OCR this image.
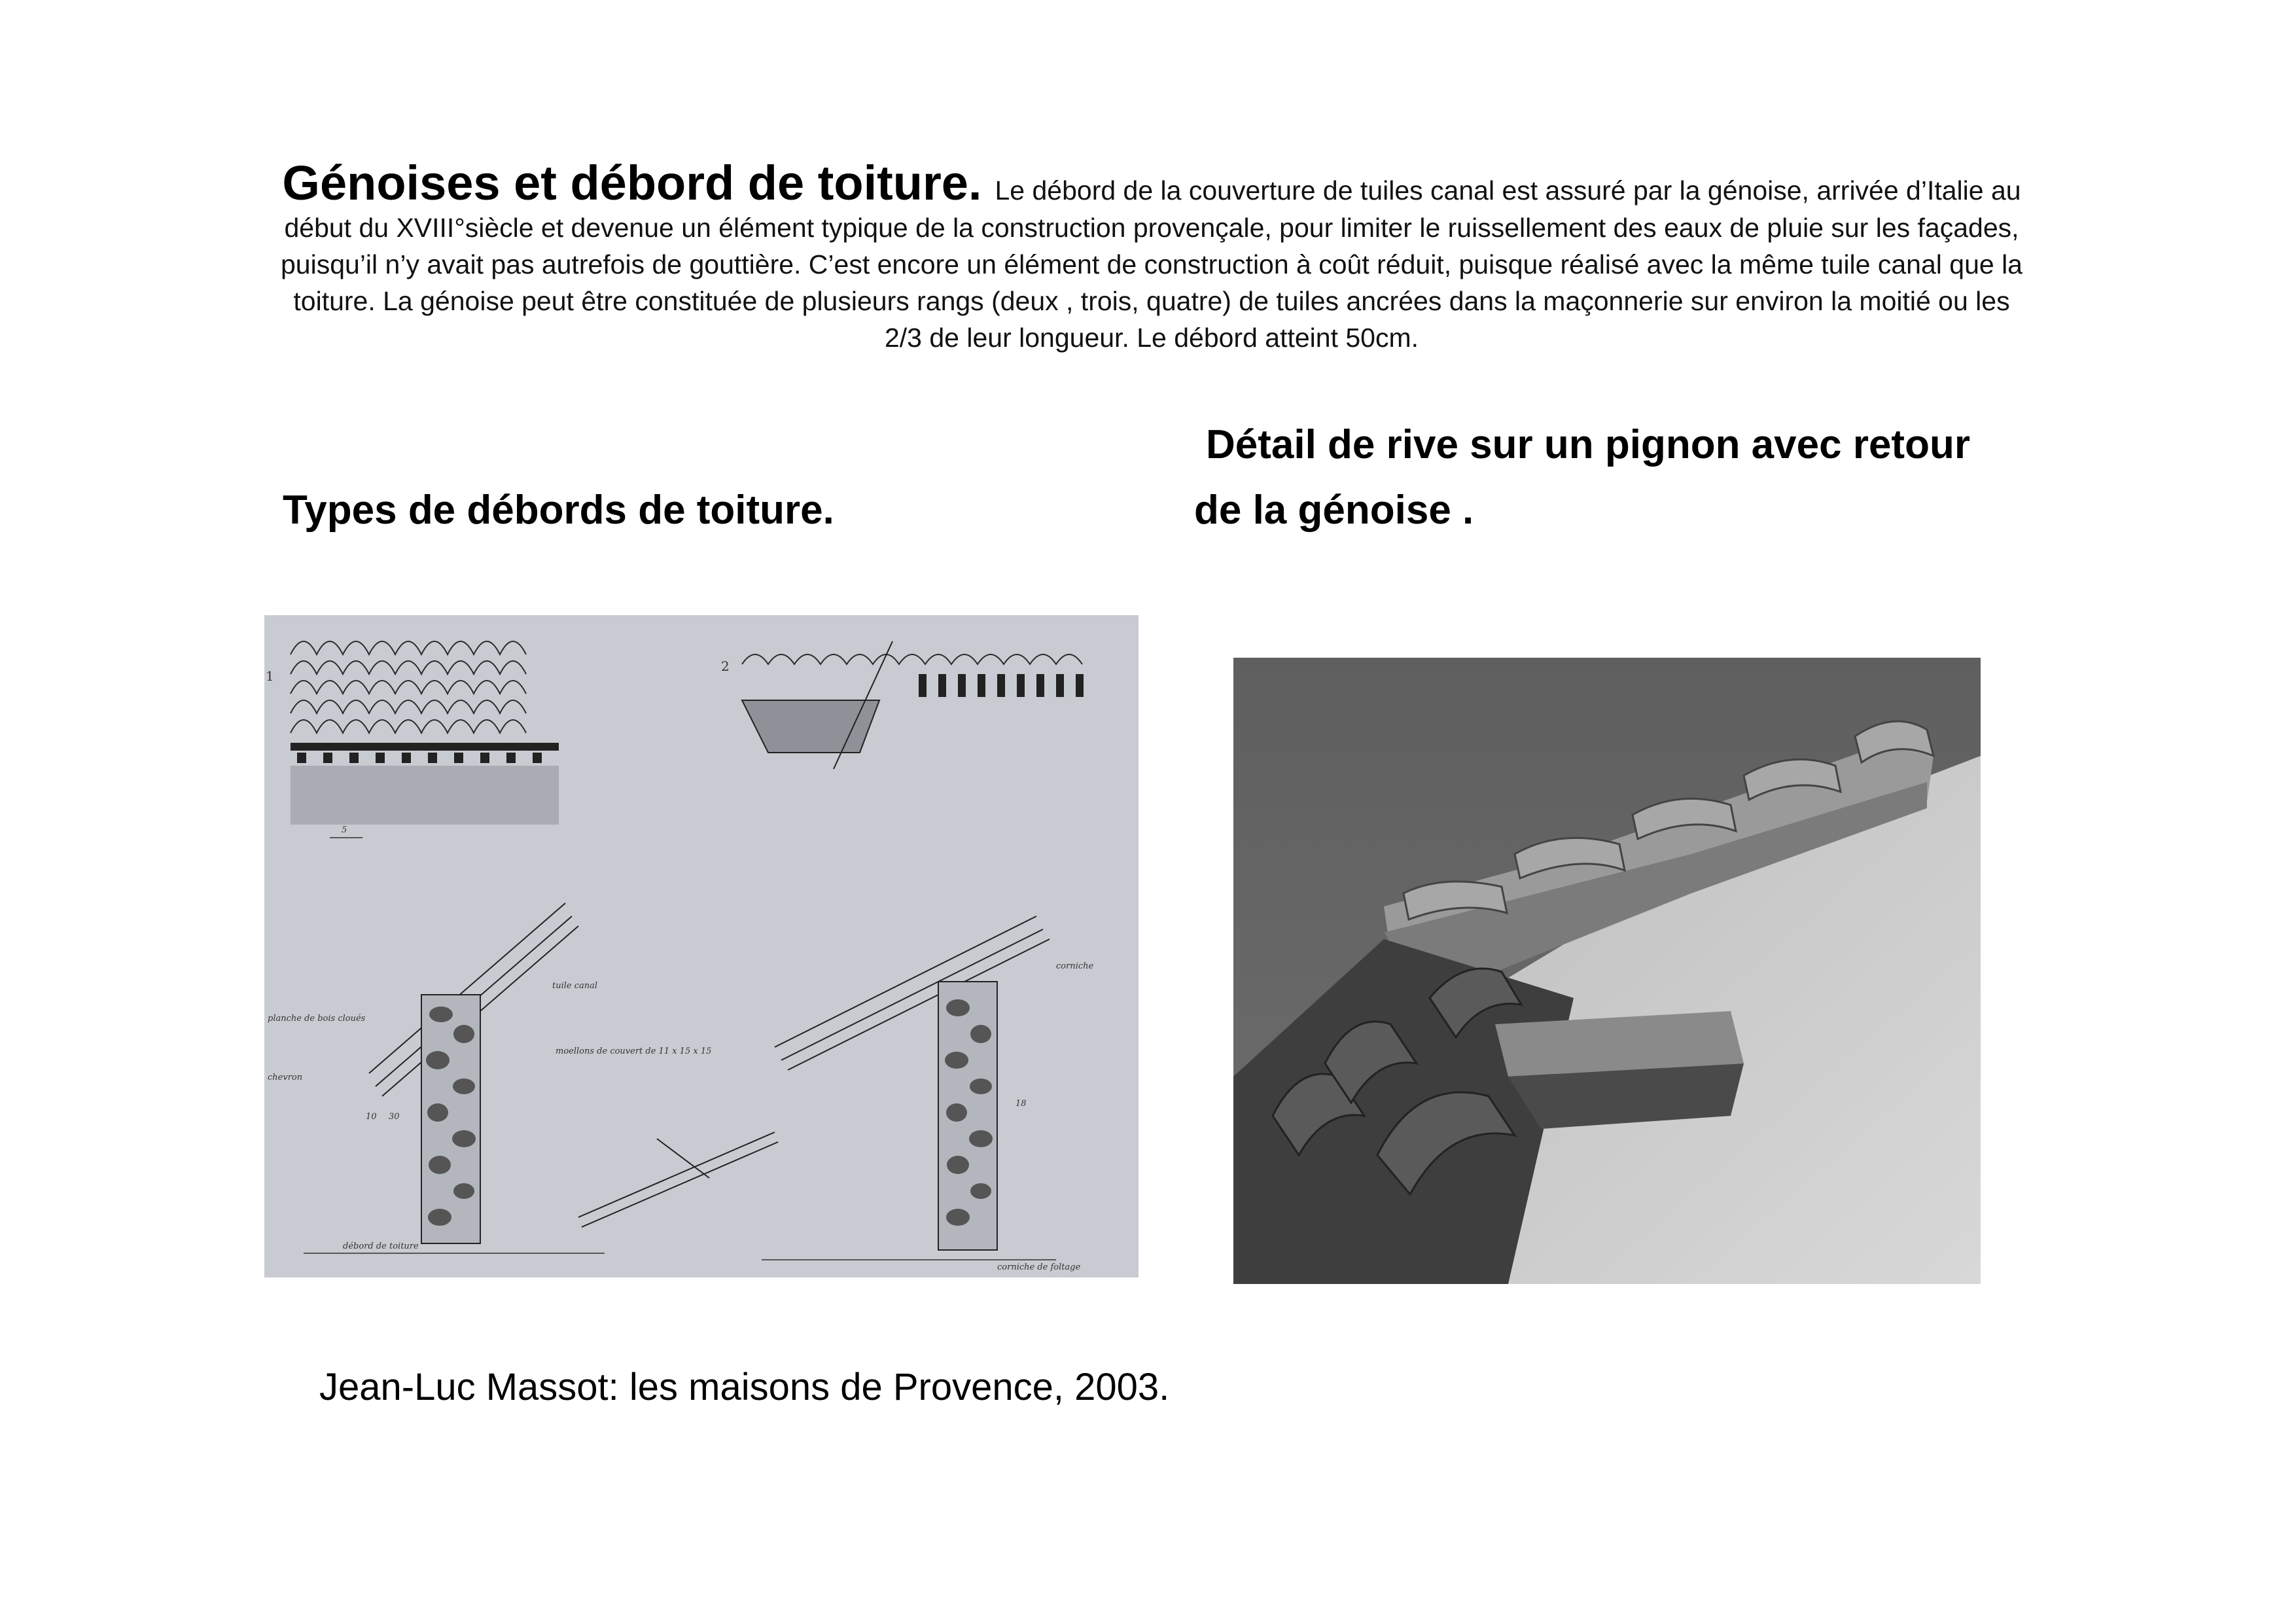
Génoises et débord de toiture. Le débord de la couverture de tuiles canal est assuré par la génoise, arrivée d’Italie au début du XVIII°siècle et devenue un élément typique de la construction provençale, pour limiter le ruissellement des eaux de pluie sur les façades, puisqu’il n’y avait pas autrefois de gouttière. C’est encore un élément de construction à coût réduit, puisque réalisé avec la même tuile canal que la toiture. La génoise peut être constituée de plusieurs rangs (deux , trois, quatre) de tuiles ancrées dans la maçonnerie sur environ la moitié ou les 2/3 de leur longueur. Le débord atteint 50cm.
Types de débords de toiture.
Détail de rive sur un pignon avec retour
de la génoise .
1
5
2
tuile canal
planche de bois cloués
moellons de couvert de 11 x 15 x 15
chevron
10 30
corniche
18
débord de toiture
corniche de foltage
Jean-Luc Massot: les maisons de Provence, 2003.
